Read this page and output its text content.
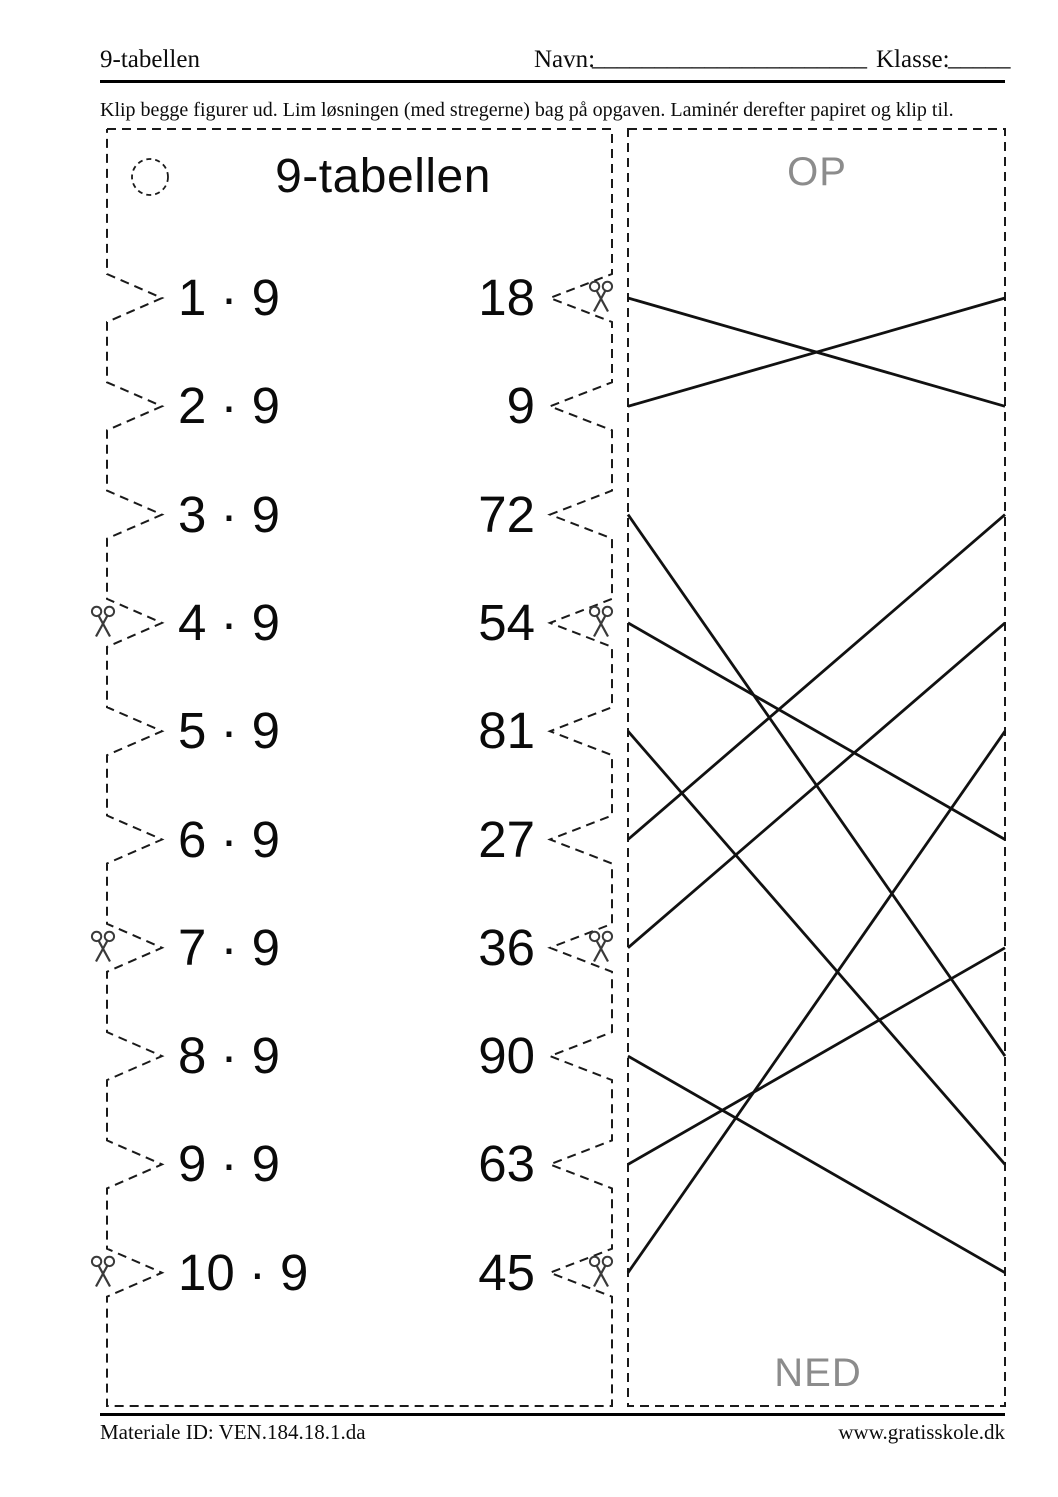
9-tabellen	Navn:
______________________ Klasse:
_____
Klip begge figurer ud. Lim løsningen (med stregerne) bag på opgaven. Laminér derefter papiret og klip til.
9-tabellen	OP
NED
Materiale ID: VEN.184.18.1.da	www.gratisskole.dk
1 · 9	18
2 · 9	9
3 · 9	72
4 · 9	54
5 · 9	81
6 · 9	27
7 · 9	36
8 · 9	90
9 · 9	63
10 · 9	45
